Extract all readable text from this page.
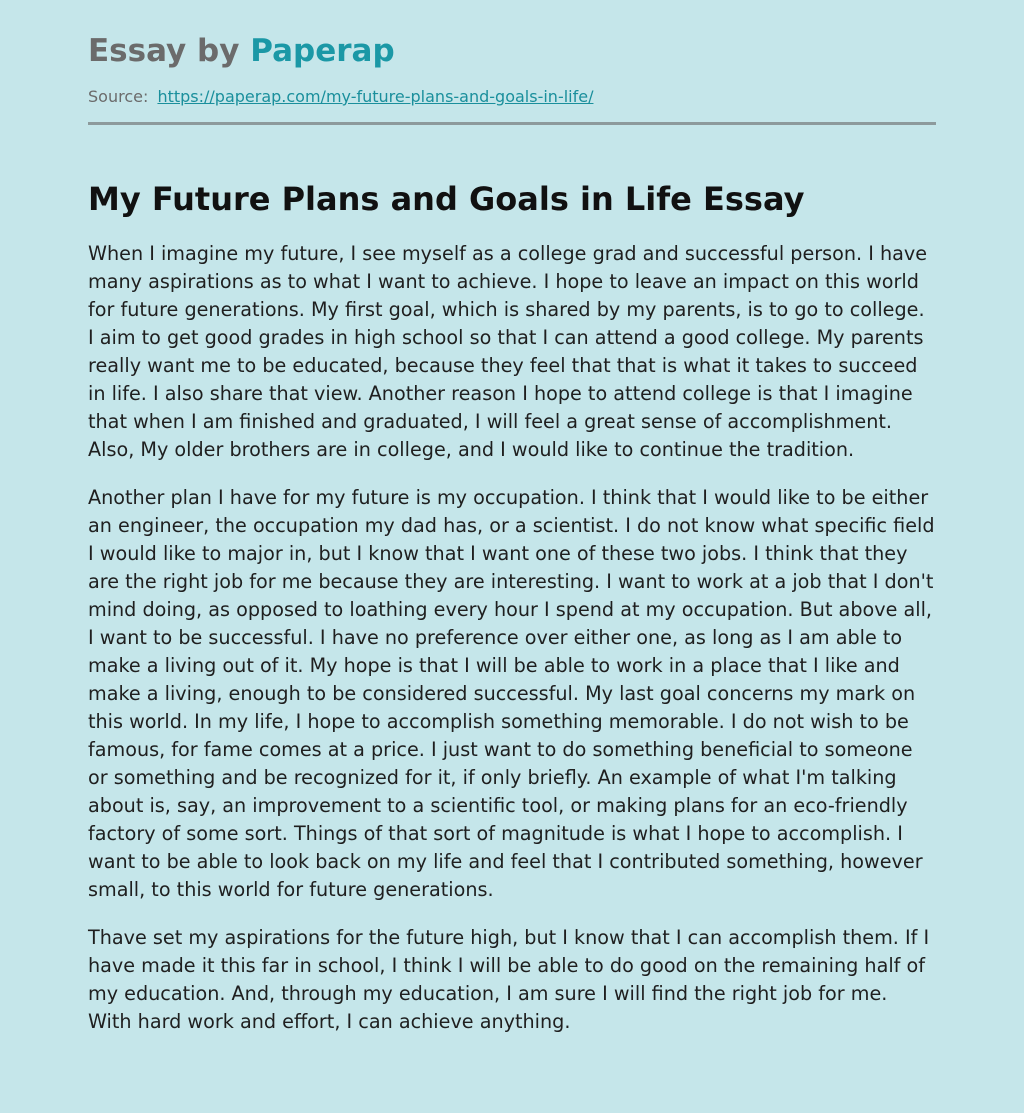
Essay by Paperap
Source: https://paperap.com/my-future-plans-and-goals-in-life/
My Future Plans and Goals in Life Essay

When I imagine my future, I see myself as a college grad and successful person. I have many aspirations as to what I want to achieve. I hope to leave an impact on this world for future generations. My first goal, which is shared by my parents, is to go to college. I aim to get good grades in high school so that I can attend a good college. My parents really want me to be educated, because they feel that that is what it takes to succeed in life. I also share that view. Another reason I hope to attend college is that I imagine that when I am finished and graduated, I will feel a great sense of accomplishment. Also, My older brothers are in college, and I would like to continue the tradition.

Another plan I have for my future is my occupation. I think that I would like to be either an engineer, the occupation my dad has, or a scientist. I do not know what specific field I would like to major in, but I know that I want one of these two jobs. I think that they are the right job for me because they are interesting. I want to work at a job that I don't mind doing, as opposed to loathing every hour I spend at my occupation. But above all, I want to be successful. I have no preference over either one, as long as I am able to make a living out of it. My hope is that I will be able to work in a place that I like and make a living, enough to be considered successful. My last goal concerns my mark on this world. In my life, I hope to accomplish something memorable. I do not wish to be famous, for fame comes at a price. I just want to do something beneficial to someone or something and be recognized for it, if only briefly. An example of what I'm talking about is, say, an improvement to a scientific tool, or making plans for an eco-friendly factory of some sort. Things of that sort of magnitude is what I hope to accomplish. I want to be able to look back on my life and feel that I contributed something, however small, to this world for future generations.

Thave set my aspirations for the future high, but I know that I can accomplish them. If I have made it this far in school, I think I will be able to do good on the remaining half of my education. And, through my education, I am sure I will find the right job for me. With hard work and effort, I can achieve anything.
